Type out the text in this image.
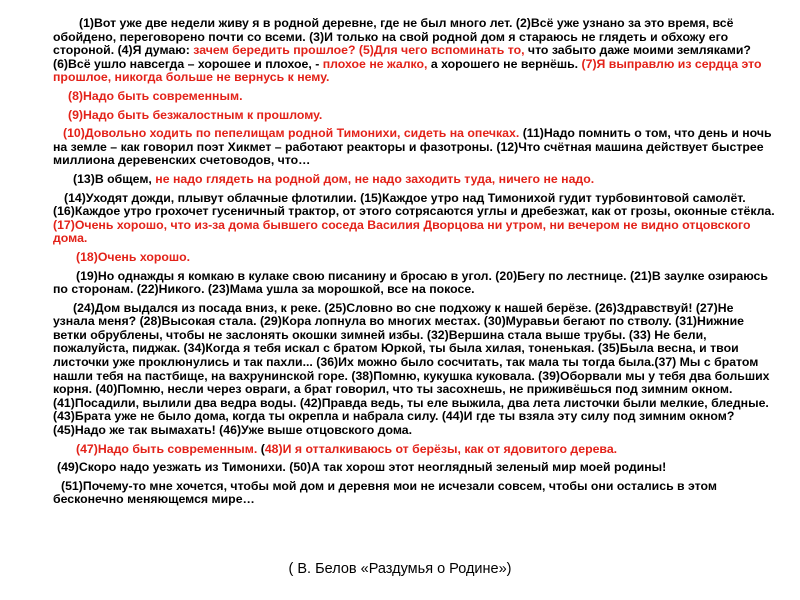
(1)Вот уже две недели живу я в родной деревне, где не был много лет. (2)Всё уже узнано за это время, всё обойдено, переговорено почти со всеми. (3)И только на свой родной дом я стараюсь не глядеть и обхожу его стороной. (4)Я думаю: зачем бередить прошлое? (5)Для чего вспоминать то, что забыто даже моими земляками? (6)Всё ушло навсегда – хорошее и плохое, - плохое не жалко, а хорошего не вернёшь. (7)Я выправлю из сердца это прошлое, никогда больше не вернусь к нему.

(8)Надо быть современным.

(9)Надо быть безжалостным к прошлому.

(10)Довольно ходить по пепелищам родной Тимонихи, сидеть на опечках. (11)Надо помнить о том, что день и ночь на земле – как говорил поэт Хикмет – работают реакторы и фазотроны. (12)Что счётная машина действует быстрее миллиона деревенских счетоводов, что…

(13)В общем, не надо глядеть на родной дом, не надо заходить туда, ничего не надо.

(14)Уходят дожди, плывут облачные флотилии. (15)Каждое утро над Тимонихой гудит турбовинтовой самолёт. (16)Каждое утро грохочет гусеничный трактор, от этого сотрясаются углы и дребезжат, как от грозы, оконные стёкла. (17)Очень хорошо, что из-за дома бывшего соседа Василия Дворцова ни утром, ни вечером не видно отцовского дома.

(18)Очень хорошо.

(19)Но однажды я комкаю в кулаке свою писанину и бросаю в угол. (20)Бегу по лестнице. (21)В заулке озираюсь по сторонам. (22)Никого. (23)Мама ушла за морошкой, все на покосе.

(24)Дом выдался из посада вниз, к реке. (25)Словно во сне подхожу к нашей берёзе. (26)Здравствуй! (27)Не узнала меня? (28)Высокая стала. (29)Кора лопнула во многих местах. (30)Муравьи бегают по стволу. (31)Нижние ветки обрублены, чтобы не заслонять окошки зимней избы. (32)Вершина стала выше трубы. (33) Не бели, пожалуйста, пиджак. (34)Когда я тебя искал с братом Юркой, ты была хилая, тоненькая. (35)Была весна, и твои листочки уже проклюнулись и так пахли... (36)Их можно было сосчитать, так мала ты тогда была.(37) Мы с братом нашли тебя на пастбище, на вахрунинской горе. (38)Помню, кукушка куковала. (39)Оборвали мы у тебя два больших корня. (40)Помню, несли через овраги, а брат говорил, что ты засохнешь, не приживёшься под зимним окном. (41)Посадили, вылили два ведра воды. (42)Правда ведь, ты еле выжила, два лета листочки были мелкие, бледные. (43)Брата уже не было дома, когда ты окрепла и набрала силу. (44)И где ты взяла эту силу под зимним окном? (45)Надо же так вымахать! (46)Уже выше отцовского дома.

(47)Надо быть современным. (48)И я отталкиваюсь от берёзы, как от ядовитого дерева.

(49)Скоро надо уезжать из Тимонихи. (50)А так хорош этот неоглядный зеленый мир моей родины!

(51)Почему-то мне хочется, чтобы мой дом и деревня мои не исчезали совсем, чтобы они остались в этом бесконечно меняющемся мире…

( В. Белов «Раздумья о Родине»)
